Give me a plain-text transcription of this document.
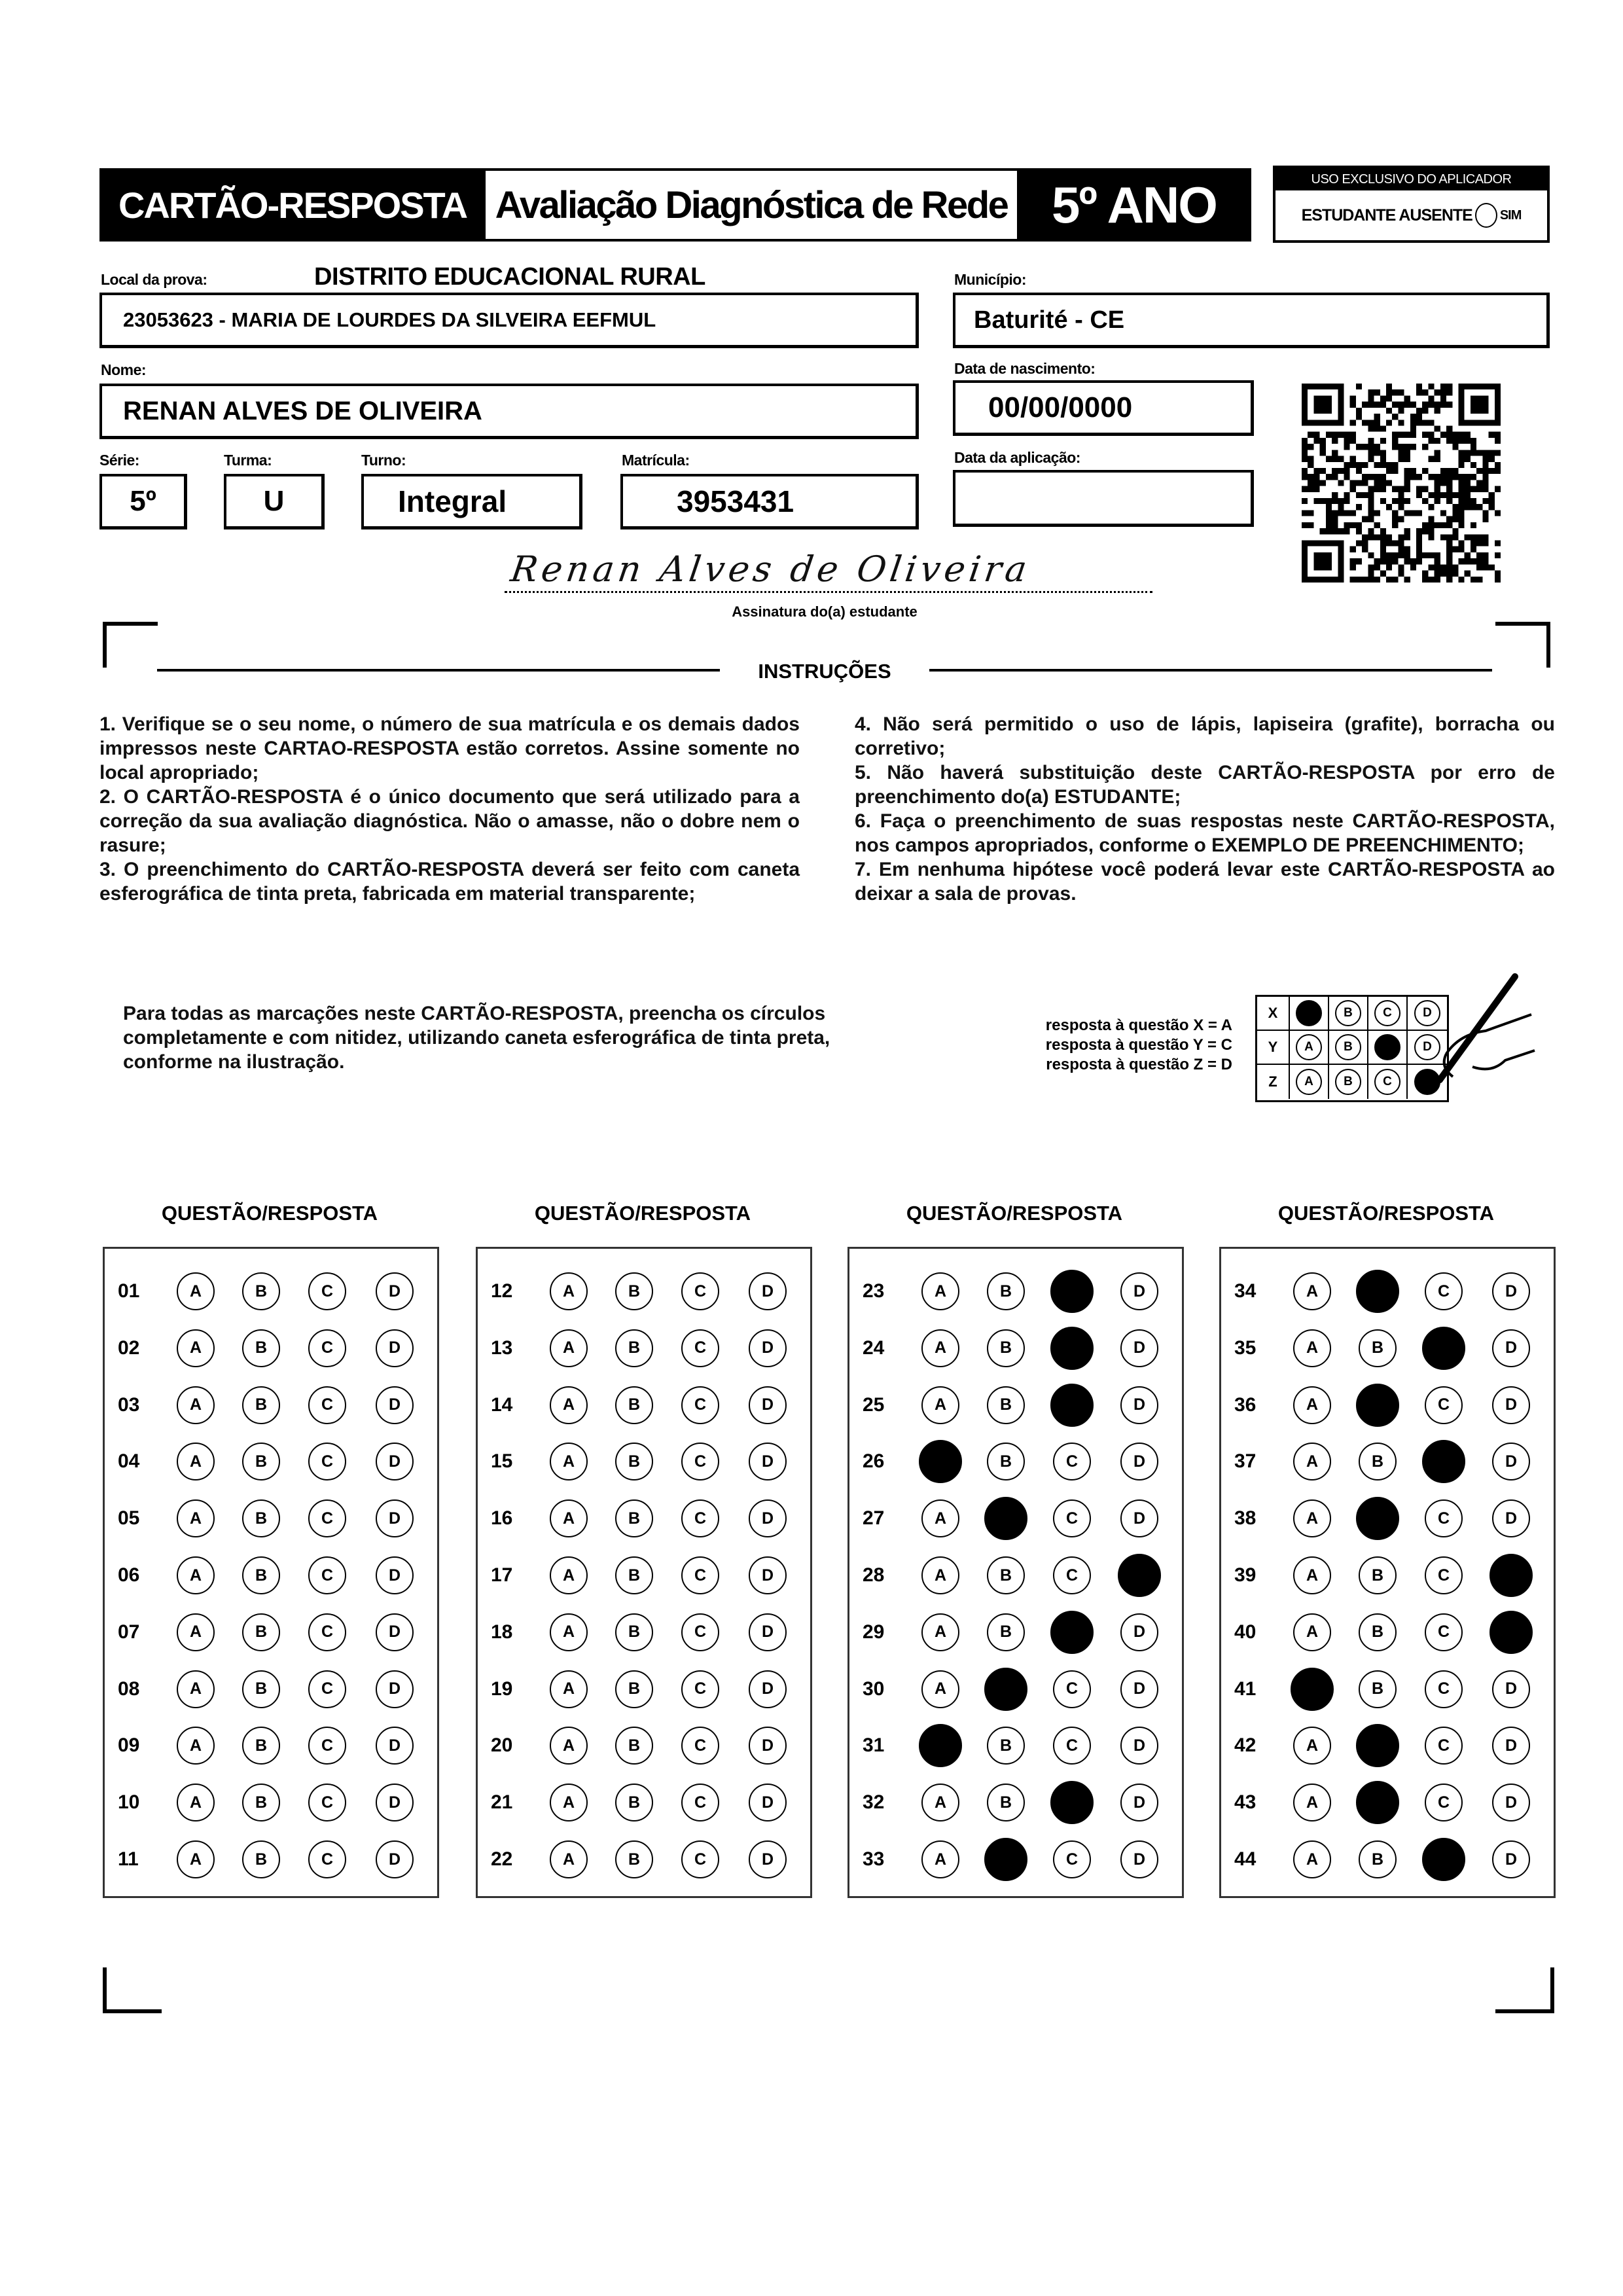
CARTÃO-RESPOSTA Avaliação Diagnóstica de Rede 5º ANO	USO EXCLUSIVO DO APLICADOR
ESTUDANTE AUSENTE SIM
Local da prova:	DISTRITO EDUCACIONAL RURAL
23053623 - MARIA DE LOURDES DA SILVEIRA EEFMUL
Município:
Baturité - CE
Nome:
RENAN ALVES DE OLIVEIRA
Data de nascimento:
00/00/0000
Série:
5º
Turma:
U
Turno:
Integral
Matrícula:
3953431
Data da aplicação:
Renan Alves de Oliveira
Assinatura do(a) estudante
INSTRUÇÕES

1. Verifique se o seu nome, o número de sua matrícula e os demais dados impressos neste CARTAO-RESPOSTA estão corretos. Assine somente no local apropriado;

2. O CARTÃO-RESPOSTA é o único documento que será utilizado para a correção da sua avaliação diagnóstica. Não o amasse, não o dobre nem o rasure;

3. O preenchimento do CARTÃO-RESPOSTA deverá ser feito com caneta esferográfica de tinta preta, fabricada em material transparente;

4. Não será permitido o uso de lápis, lapiseira (grafite), borracha ou corretivo;

5. Não haverá substituição deste CARTÃO-RESPOSTA por erro de preenchimento do(a) ESTUDANTE;

6. Faça o preenchimento de suas respostas neste CARTÃO-RESPOSTA, nos campos apropriados, conforme o EXEMPLO DE PREENCHIMENTO;

7. Em nenhuma hipótese você poderá levar este CARTÃO-RESPOSTA ao deixar a sala de provas.

Para todas as marcações neste CARTÃO-RESPOSTA, preencha os círculos completamente e com nitidez, utilizando caneta esferográfica de tinta preta, conforme na ilustração.
resposta à questão X = A
resposta à questão Y = C
resposta à questão Z = D
X	A	B	C	D
Y	A	B	C	D
Z	A	B	C	D
QUESTÃO/RESPOSTA
01	A	B	C	D
02	A	B	C	D
03	A	B	C	D
04	A	B	C	D
05	A	B	C	D
06	A	B	C	D
07	A	B	C	D
08	A	B	C	D
09	A	B	C	D
10	A	B	C	D
11	A	B	C	D
QUESTÃO/RESPOSTA
12	A	B	C	D
13	A	B	C	D
14	A	B	C	D
15	A	B	C	D
16	A	B	C	D
17	A	B	C	D
18	A	B	C	D
19	A	B	C	D
20	A	B	C	D
21	A	B	C	D
22	A	B	C	D
QUESTÃO/RESPOSTA
23	A	B	C	D
24	A	B	C	D
25	A	B	C	D
26	A	B	C	D
27	A	B	C	D
28	A	B	C	D
29	A	B	C	D
30	A	B	C	D
31	A	B	C	D
32	A	B	C	D
33	A	B	C	D
QUESTÃO/RESPOSTA
34	A	B	C	D
35	A	B	C	D
36	A	B	C	D
37	A	B	C	D
38	A	B	C	D
39	A	B	C	D
40	A	B	C	D
41	A	B	C	D
42	A	B	C	D
43	A	B	C	D
44	A	B	C	D
